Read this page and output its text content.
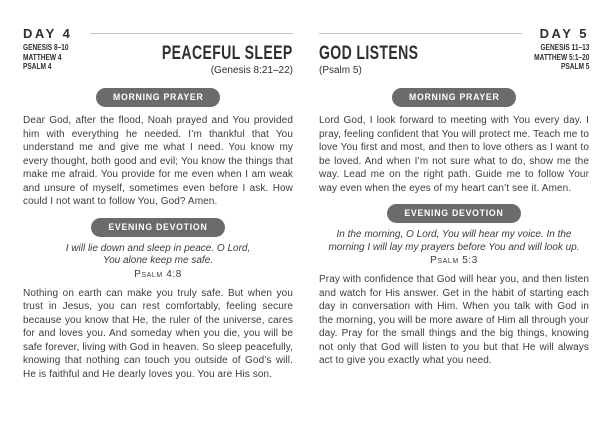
DAY 4
GENESIS 8–10
MATTHEW 4
PSALM 4
PEACEFUL SLEEP
(Genesis 8:21–22)
MORNING PRAYER

Dear God, after the flood, Noah prayed and You provided him with everything he needed. I’m thankful that You understand me and give me what I need. You know my every thought, both good and evil; You know the things that make me afraid. You provide for me even when I am weak and unsure of myself, sometimes even before I ask. How could I not want to follow You, God? Amen.

EVENING DEVOTION

I will lie down and sleep in peace. O Lord, You alone keep me safe.

Psalm 4:8

Nothing on earth can make you truly safe. But when you trust in Jesus, you can rest comfortably, feeling secure because you know that He, the ruler of the universe, cares for and loves you. And someday when you die, you will be safe forever, living with God in heaven. So sleep peacefully, knowing that nothing can touch you outside of God’s will. He is faithful and He dearly loves you. You are His son.

DAY 5
GENESIS 11–13
MATTHEW 5:1–20
PSALM 5
GOD LISTENS
(Psalm 5)
MORNING PRAYER

Lord God, I look forward to meeting with You every day. I pray, feeling confident that You will protect me. Teach me to love You first and most, and then to love others as I want to be loved. And when I’m not sure what to do, show me the way. Lead me on the right path. Guide me to follow Your way even when the eyes of my heart can’t see it. Amen.

EVENING DEVOTION

In the morning, O Lord, You will hear my voice. In the morning I will lay my prayers before You and will look up.

Psalm 5:3

Pray with confidence that God will hear you, and then listen and watch for His answer. Get in the habit of starting each day in conversation with Him. When you talk with God in the morning, you will be more aware of Him all through your day. Pray for the small things and the big things, knowing not only that God will listen to you but that He will always act to give you exactly what you need.
